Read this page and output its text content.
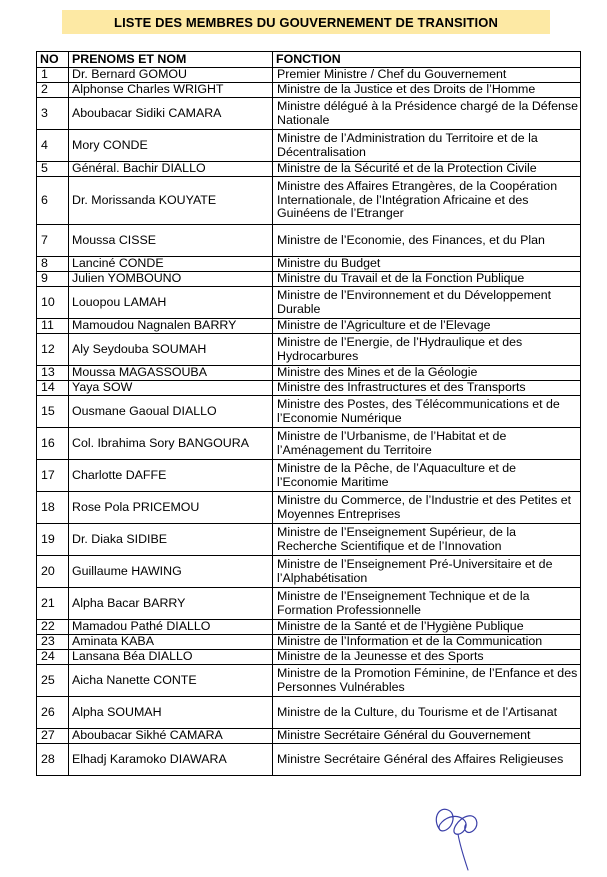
LISTE DES MEMBRES DU GOUVERNEMENT DE TRANSITION
NO	PRENOMS ET NOM	FONCTION
1	Dr. Bernard GOMOU	Premier Ministre / Chef du Gouvernement
2	Alphonse Charles WRIGHT	Ministre de la Justice et des Droits de l’Homme
3	Aboubacar Sidiki CAMARA	Ministre délégué à la Présidence chargé de la Défense Nationale
4	Mory CONDE	Ministre de l’Administration du Territoire et de la Décentralisation
5	Général. Bachir DIALLO	Ministre de la Sécurité et de la Protection Civile
6	Dr. Morissanda KOUYATE	Ministre des Affaires Etrangères, de la Coopération Internationale, de l’Intégration Africaine et des Guinéens de l’Etranger
7	Moussa CISSE	Ministre de l’Economie, des Finances, et du Plan
8	Lanciné CONDE	Ministre du Budget
9	Julien YOMBOUNO	Ministre du Travail et de la Fonction Publique
10	Louopou LAMAH	Ministre de l’Environnement et du Développement Durable
11	Mamoudou Nagnalen BARRY	Ministre de l’Agriculture et de l’Elevage
12	Aly Seydouba SOUMAH	Ministre de l’Energie, de l’Hydraulique et des Hydrocarbures
13	Moussa MAGASSOUBA	Ministre des Mines et de la Géologie
14	Yaya SOW	Ministre des Infrastructures et des Transports
15	Ousmane Gaoual DIALLO	Ministre des Postes, des Télécommunications et de l’Economie Numérique
16	Col. Ibrahima Sory BANGOURA	Ministre de l’Urbanisme, de l’Habitat et de l’Aménagement du Territoire
17	Charlotte DAFFE	Ministre de la Pêche, de l’Aquaculture et de l’Economie Maritime
18	Rose Pola PRICEMOU	Ministre du Commerce, de l’Industrie et des Petites et Moyennes Entreprises
19	Dr. Diaka SIDIBE	Ministre de l’Enseignement Supérieur, de la Recherche Scientifique et de l’Innovation
20	Guillaume HAWING	Ministre de l’Enseignement Pré-Universitaire et de l’Alphabétisation
21	Alpha Bacar BARRY	Ministre de l’Enseignement Technique et de la Formation Professionnelle
22	Mamadou Pathé DIALLO	Ministre de la Santé et de l’Hygiène Publique
23	Aminata KABA	Ministre de l’Information et de la Communication
24	Lansana Béa DIALLO	Ministre de la Jeunesse et des Sports
25	Aicha Nanette CONTE	Ministre de la Promotion Féminine, de l’Enfance et des Personnes Vulnérables
26	Alpha SOUMAH	Ministre de la Culture, du Tourisme et de l’Artisanat
27	Aboubacar Sikhé CAMARA	Ministre Secrétaire Général du Gouvernement
28	Elhadj Karamoko DIAWARA	Ministre Secrétaire Général des Affaires Religieuses
